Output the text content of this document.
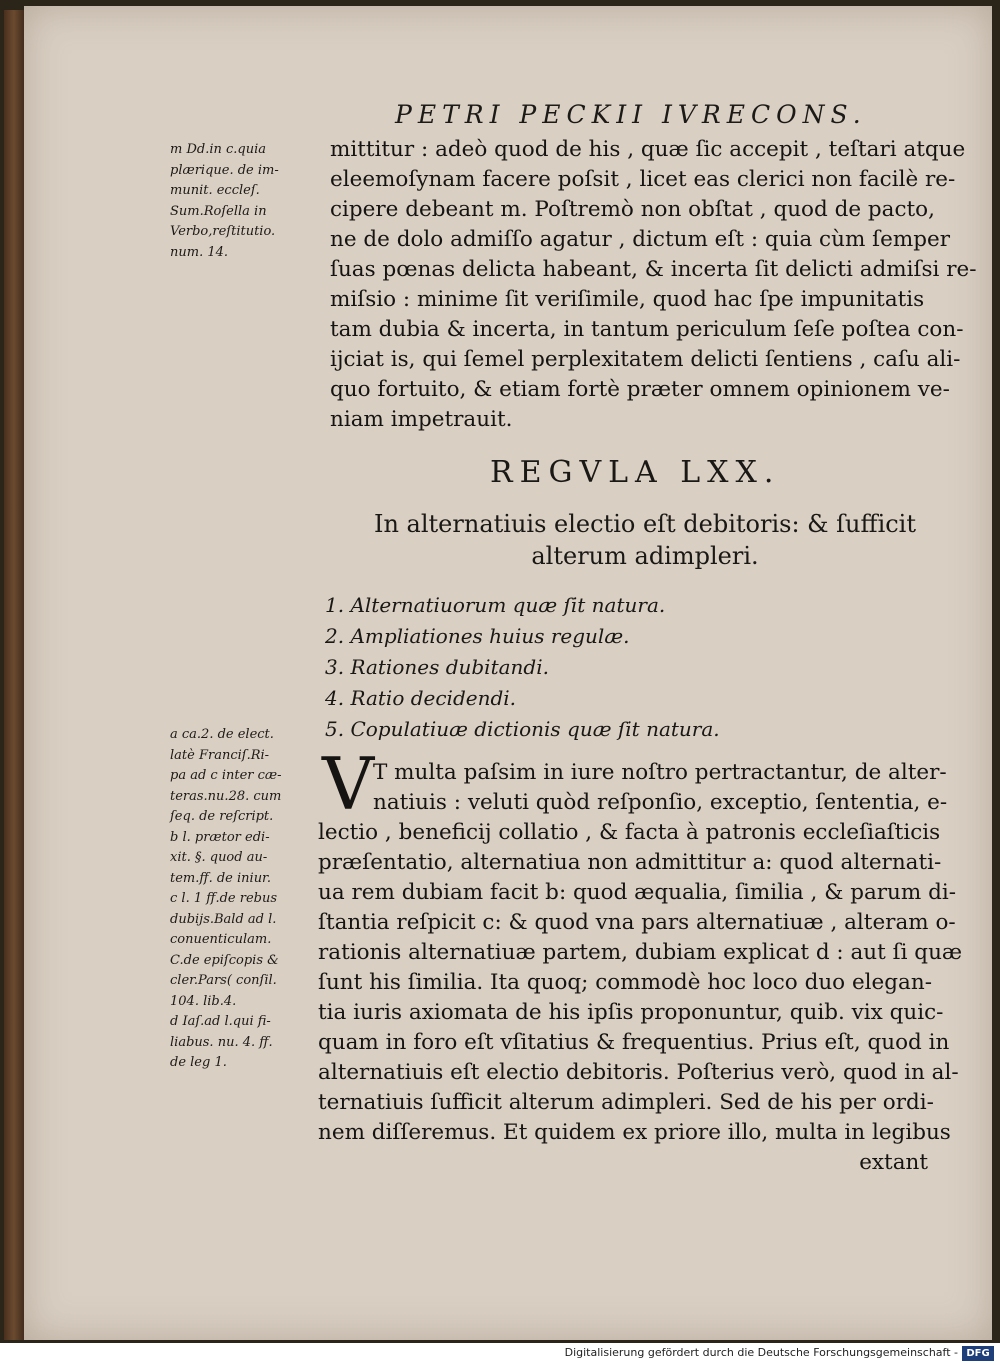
PETRI PECKII IVRECONS.
m Dd.in c.quia
plærique. de im-
munit. eccleſ.
Sum.Roſella in
Verbo,reſtitutio.
num. 14.
mittitur : adeò quod de his , quæ ſic accepit , teſtari atque
eleemoſynam facere poſsit , licet eas clerici non facilè re-
cipere debeant m. Poſtremò non obſtat , quod de pacto,
ne de dolo admiſſo agatur , dictum eſt : quia cùm ſemper
ſuas pœnas delicta habeant, & incerta ſit delicti admiſsi re-
miſsio : minime ſit veriſimile, quod hac ſpe impunitatis
tam dubia & incerta, in tantum periculum ſeſe poſtea con-
ijciat is, qui ſemel perplexitatem delicti ſentiens , caſu ali-
quo fortuito, & etiam fortè præter omnem opinionem ve-
niam impetrauit.
REGVLA LXX.
In alternatiuis electio eſt debitoris: & ſufficit
alterum adimpleri.
1. Alternatiuorum quæ ſit natura.
2. Ampliationes huius regulæ.
3. Rationes dubitandi.
4. Ratio decidendi.
5. Copulatiuæ dictionis quæ ſit natura.
a ca.2. de elect.
latè Franciſ.Ri-
pa ad c inter cæ-
teras.nu.28. cum
ſeq. de reſcript.
b l. prætor edi-
xit. §. quod au-
tem.ff. de iniur.
c l. 1 ff.de rebus
dubijs.Bald ad l.
conuenticulam.
C.de epiſcopis &
cler.Pars( conſil.
104. lib.4.
d Iaſ.ad l.qui fi-
liabus. nu. 4. ff.
de leg 1.
V T multa paſsim in iure noſtro pertractantur, de alter-
natiuis : veluti quòd reſponſio, exceptio, ſententia, e-
lectio , beneficij collatio , & facta à patronis eccleſiaſticis
præſentatio, alternatiua non admittitur a: quod alternati-
ua rem dubiam facit b: quod æqualia, ſimilia , & parum di-
ſtantia reſpicit c: & quod vna pars alternatiuæ , alteram o-
rationis alternatiuæ partem, dubiam explicat d : aut ſi quæ
ſunt his ſimilia. Ita quoq; commodè hoc loco duo elegan-
tia iuris axiomata de his ipſis proponuntur, quib. vix quic-
quam in foro eſt vſitatius & frequentius. Prius eſt, quod in
alternatiuis eſt electio debitoris. Poſterius verò, quod in al-
ternatiuis ſufficit alterum adimpleri. Sed de his per ordi-
nem diſſeremus. Et quidem ex priore illo, multa in legibus
extant
Digitalisierung gefördert durch die Deutsche Forschungsgemeinschaft - DFG
